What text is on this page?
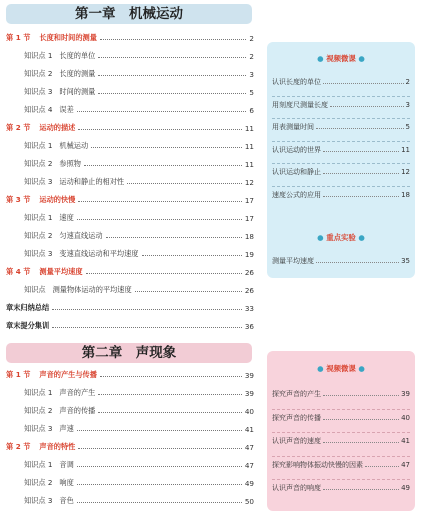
第一章　机械运动
第 1 节 长度和时间的测量	2
知识点 1 长度的单位	2
知识点 2 长度的测量	3
知识点 3 时间的测量	5
知识点 4 误差	6
第 2 节 运动的描述	11
知识点 1 机械运动	11
知识点 2 参照物	11
知识点 3 运动和静止的相对性	12
第 3 节 运动的快慢	17
知识点 1 速度	17
知识点 2 匀速直线运动	18
知识点 3 变速直线运动和平均速度	19
第 4 节 测量平均速度	26
知识点 测量物体运动的平均速度	26
章末归纳总结	33
章末提分集训	36
第二章　声现象
第 1 节 声音的产生与传播	39
知识点 1 声音的产生	39
知识点 2 声音的传播	40
知识点 3 声速	41
第 2 节 声音的特性	47
知识点 1 音调	47
知识点 2 响度	49
知识点 3 音色	50
● 视频微课 ●
● 重点实验 ●
认识长度的单位	2
用刻度尺测量长度	3
用表测量时间	5
认识运动的世界	11
认识运动和静止	12
速度公式的应用	18
测量平均速度	35
● 视频微课 ●
探究声音的产生	39
探究声音的传播	40
认识声音的速度	41
探究影响物体振动快慢的因素	47
认识声音的响度	49
